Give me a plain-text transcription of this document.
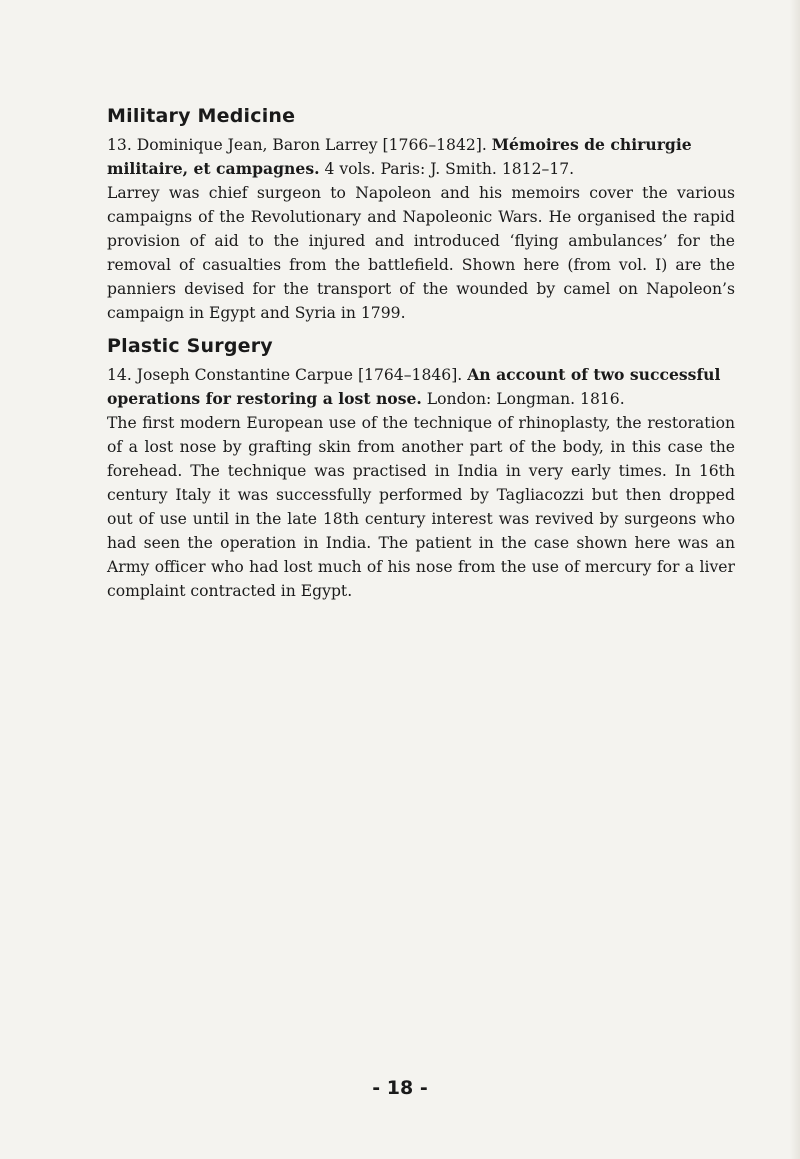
Military Medicine

13. Dominique Jean, Baron Larrey [1766–1842]. Mémoires de chirurgie militaire, et campagnes. 4 vols. Paris: J. Smith. 1812–17.

Larrey was chief surgeon to Napoleon and his memoirs cover the various campaigns of the Revolutionary and Napoleonic Wars. He organised the rapid provision of aid to the injured and introduced ‘flying ambulances’ for the removal of casualties from the battlefield. Shown here (from vol. I) are the panniers devised for the transport of the wounded by camel on Napoleon’s campaign in Egypt and Syria in 1799.

Plastic Surgery

14. Joseph Constantine Carpue [1764–1846]. An account of two successful operations for restoring a lost nose. London: Longman. 1816.

The first modern European use of the technique of rhinoplasty, the restoration of a lost nose by grafting skin from another part of the body, in this case the forehead. The technique was practised in India in very early times. In 16th century Italy it was successfully performed by Tagliacozzi but then dropped out of use until in the late 18th century interest was revived by surgeons who had seen the operation in India. The patient in the case shown here was an Army officer who had lost much of his nose from the use of mercury for a liver complaint contracted in Egypt.

- 18 -
